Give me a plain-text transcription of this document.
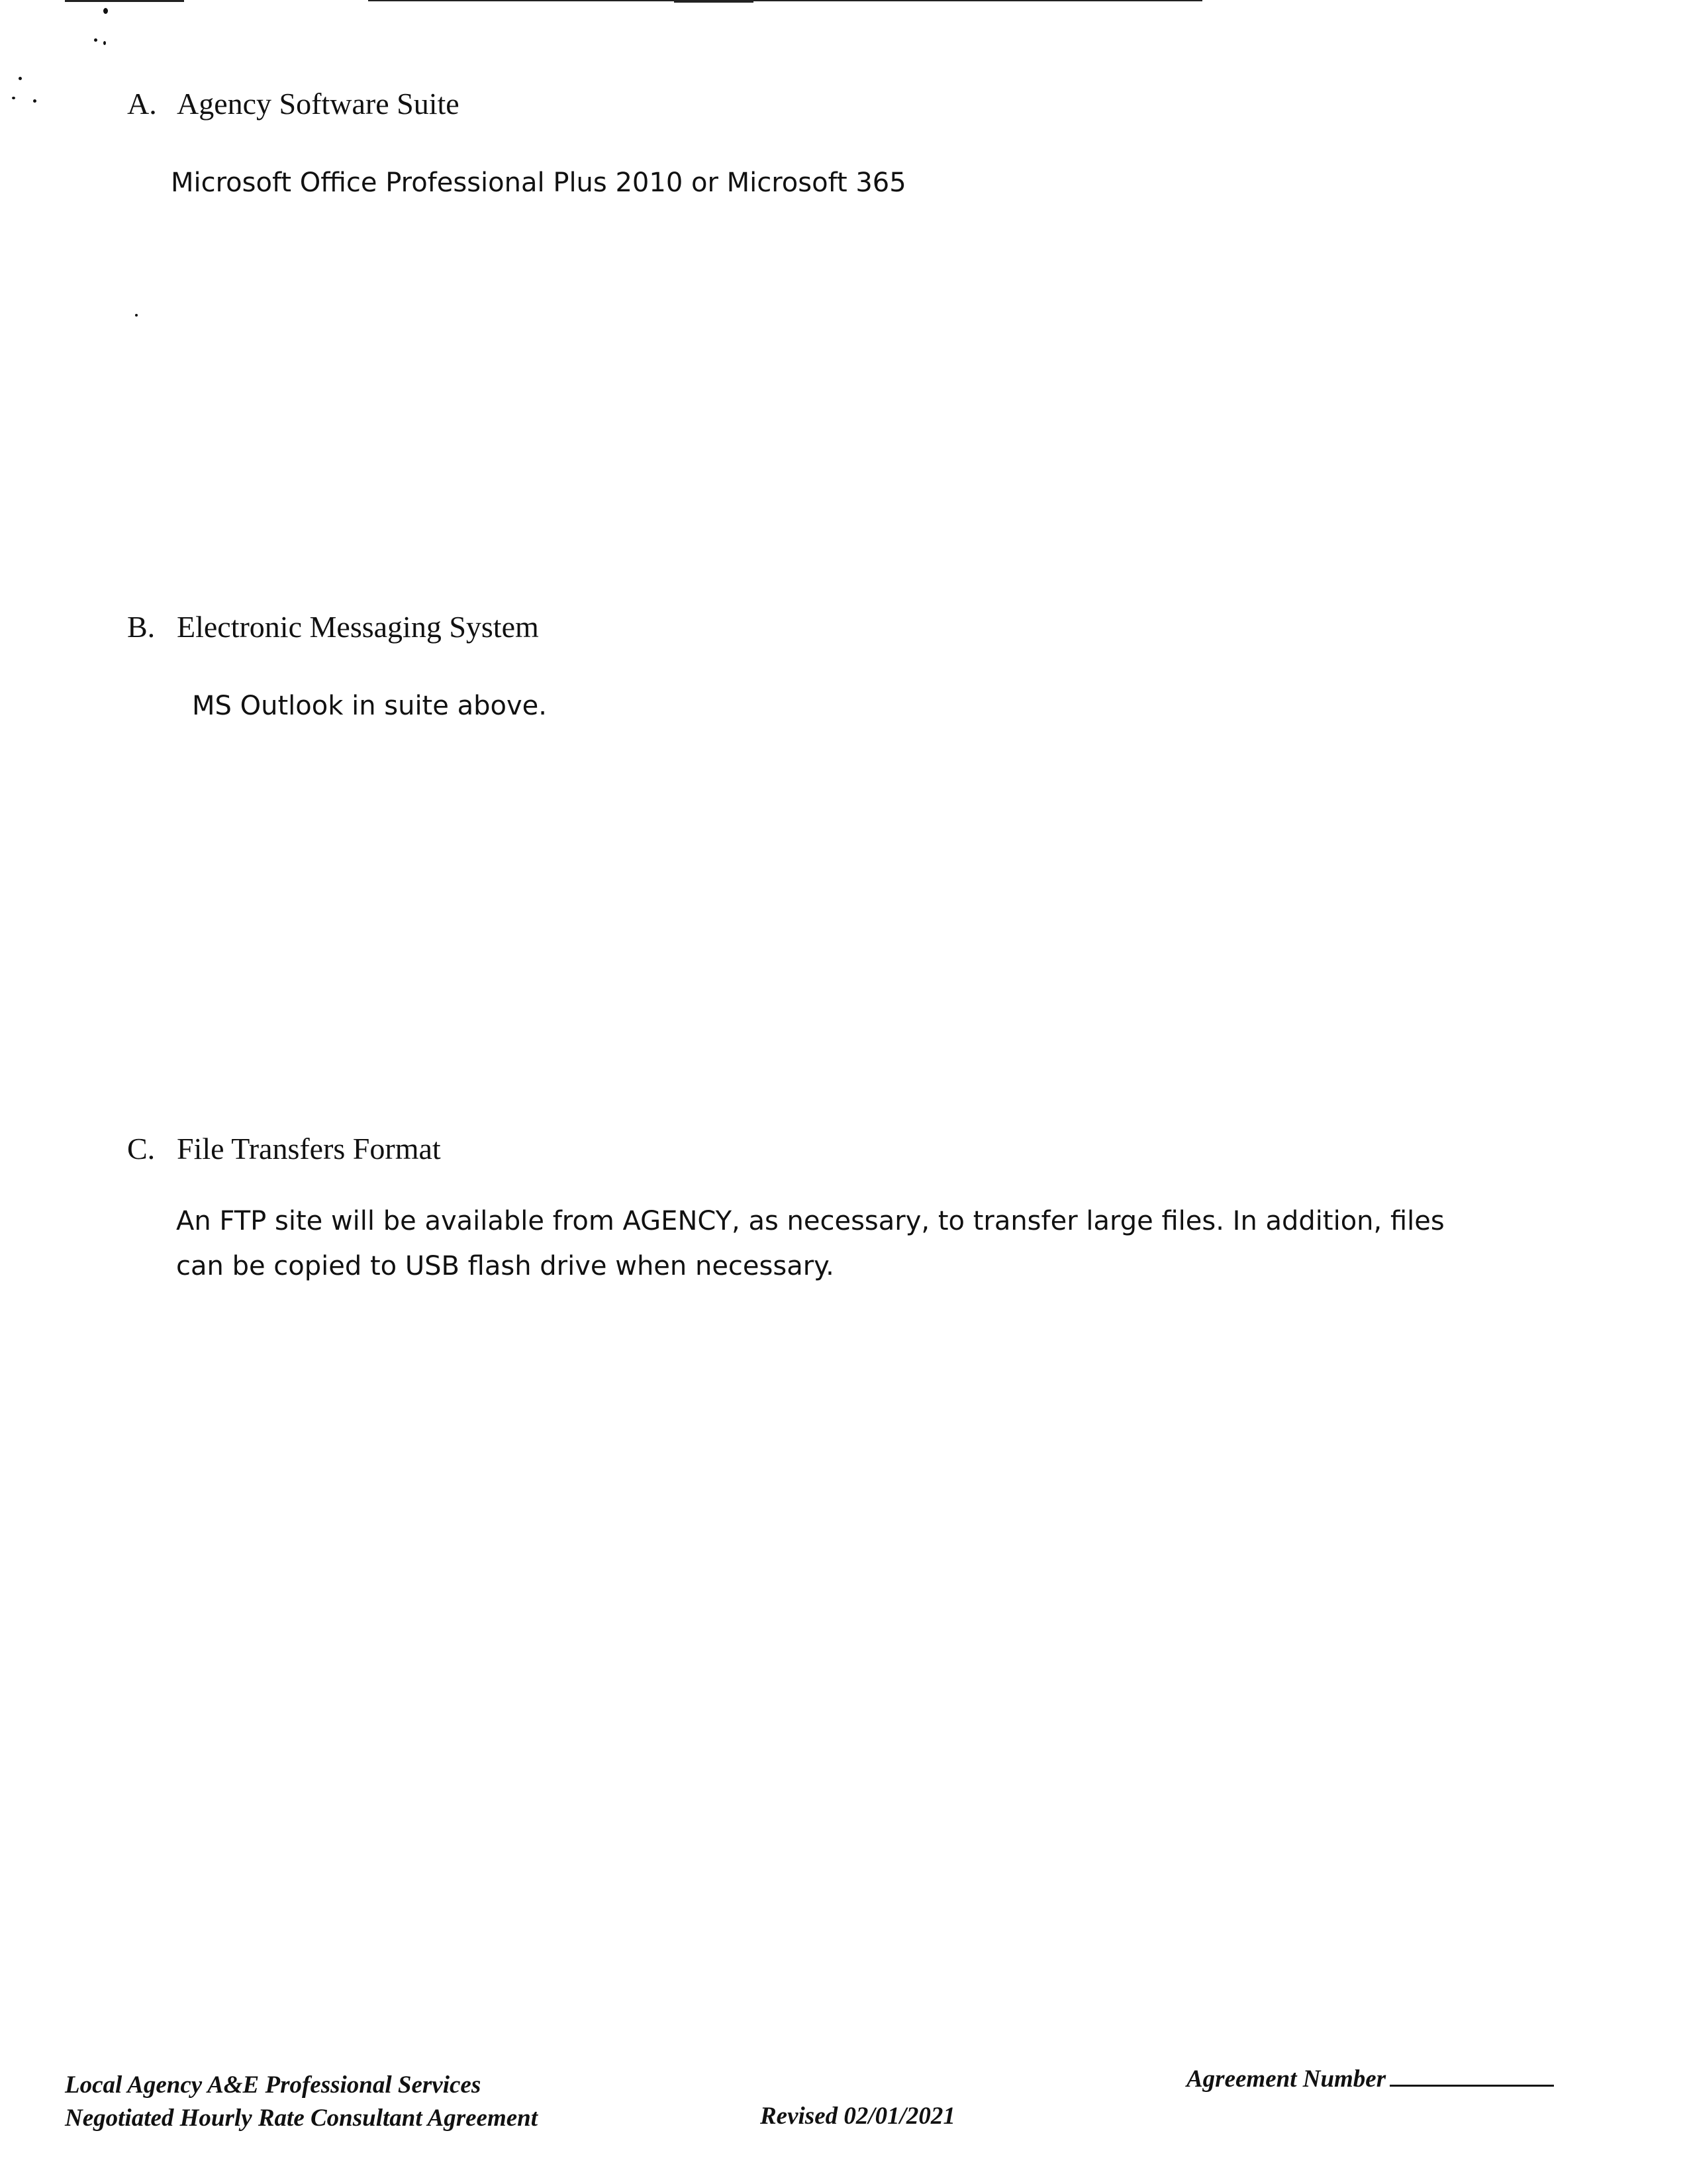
A. Agency Software Suite
Microsoft Office Professional Plus 2010 or Microsoft 365
B. Electronic Messaging System
MS Outlook in suite above.
C. File Transfers Format
An FTP site will be available from AGENCY, as necessary, to transfer large files. In addition, files
can be copied to USB flash drive when necessary.
Local Agency A&E Professional Services
Negotiated Hourly Rate Consultant Agreement	Revised 02/01/2021
Agreement Number
